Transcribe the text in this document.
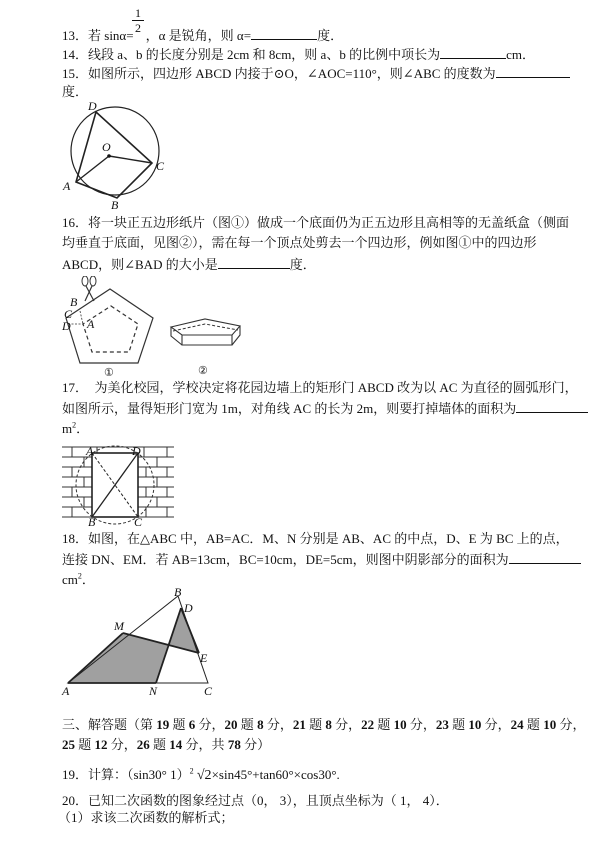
1
2
13．若 sinα= ，α 是锐角，则 α=	度．
14．线段 a、b 的长度分别是 2cm 和 8cm，则 a、b 的比例中项长为	cm．
15．如图所示，四边形 ABCD 内接于⊙O，∠AOC=110°，则∠ABC 的度数为
度．
D
O
C
A
B
16．将一块正五边形纸片（图①）做成一个底面仍为正五边形且高相等的无盖纸盒（侧面
均垂直于底面，见图②），需在每一个顶点处剪去一个四边形，例如图①中的四边形
ABCD，则∠BAD 的大小是	度．
B
C
D A
①	②
17．　为美化校园，学校决定将花园边墙上的矩形门 ABCD 改为以 AC 为直径的圆弧形门，
如图所示，量得矩形门宽为 1m，对角线 AC 的长为 2m，则要打掉墙体的面积为
$m^2$．
A	D
B	C
18．如图，在△ABC 中，AB=AC．M、N 分别是 AB、AC 的中点，D、E 为 BC 上的点，
连接 DN、EM．若 AB=13cm，BC=10cm，DE=5cm，则图中阴影部分的面积为
$cm^2$．
B
D
M
E
A	N	C
三、解答题（第 19 题 6 分，20 题 8 分，21 题 8 分，22 题 10 分，23 题 10 分，24 题 10 分，
25 题 12 分，26 题 14 分，共 78 分）
19．计算：（sin30° 1）$^2$ √2×sin45°+tan60°×cos30°.
20．已知二次函数的图象经过点（0， 3），且顶点坐标为（ 1， 4）．
（1）求该二次函数的解析式；
